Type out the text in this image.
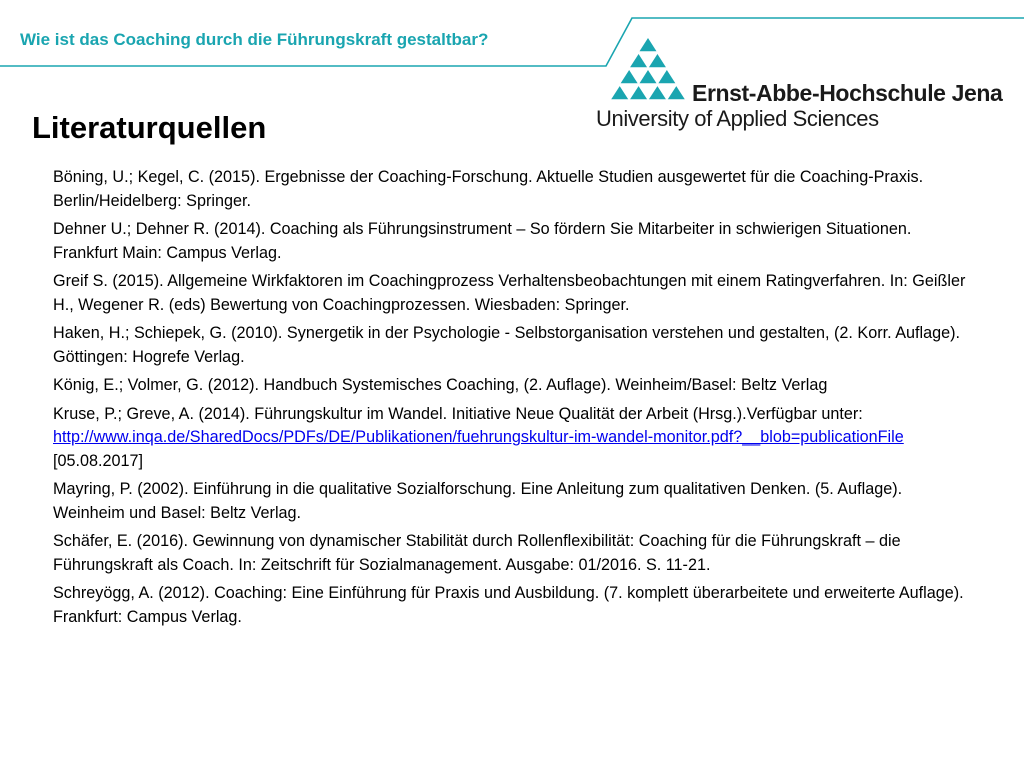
Wie ist das Coaching durch die Führungskraft gestaltbar?
Ernst-Abbe-Hochschule Jena
University of Applied Sciences
Literaturquellen
Böning, U.; Kegel, C. (2015). Ergebnisse der Coaching-Forschung. Aktuelle Studien ausgewertet für die Coaching-Praxis. Berlin/Heidelberg: Springer.
Dehner U.; Dehner R. (2014). Coaching als Führungsinstrument – So fördern Sie Mitarbeiter in schwierigen Situationen. Frankfurt Main: Campus Verlag.
Greif S. (2015). Allgemeine Wirkfaktoren im Coachingprozess Verhaltensbeobachtungen mit einem Ratingverfahren. In: Geißler H., Wegener R. (eds) Bewertung von Coachingprozessen. Wiesbaden: Springer.
Haken, H.; Schiepek, G. (2010). Synergetik in der Psychologie - Selbstorganisation verstehen und gestalten, (2. Korr. Auflage). Göttingen: Hogrefe Verlag.
König, E.; Volmer, G. (2012). Handbuch Systemisches Coaching, (2. Auflage). Weinheim/Basel: Beltz Verlag
Kruse, P.; Greve, A. (2014). Führungskultur im Wandel. Initiative Neue Qualität der Arbeit (Hrsg.).Verfügbar unter: http://www.inqa.de/SharedDocs/PDFs/DE/Publikationen/fuehrungskultur-im-wandel-monitor.pdf?__blob=publicationFile [05.08.2017]
Mayring, P. (2002). Einführung in die qualitative Sozialforschung. Eine Anleitung zum qualitativen Denken. (5. Auflage). Weinheim und Basel: Beltz Verlag.
Schäfer, E. (2016). Gewinnung von dynamischer Stabilität durch Rollenflexibilität: Coaching für die Führungskraft – die Führungskraft als Coach. In: Zeitschrift für Sozialmanagement. Ausgabe: 01/2016. S. 11-21.
Schreyögg, A. (2012). Coaching: Eine Einführung für Praxis und Ausbildung. (7. komplett überarbeitete und erweiterte Auflage). Frankfurt: Campus Verlag.
